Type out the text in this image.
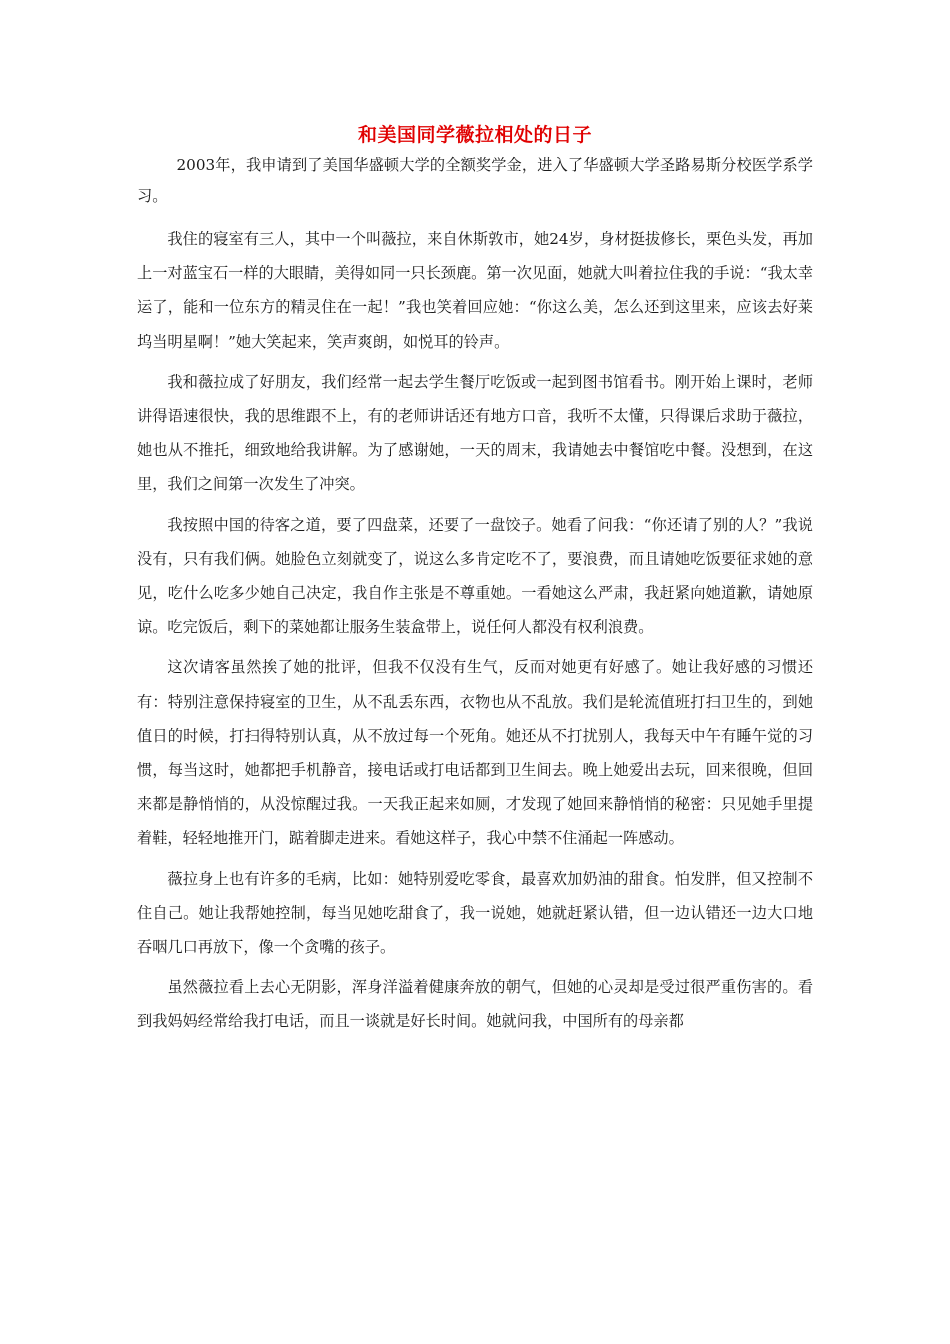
和美国同学薇拉相处的日子

2003年，我申请到了美国华盛顿大学的全额奖学金，进入了华盛顿大学圣路易斯分校医学系学习。

我住的寝室有三人，其中一个叫薇拉，来自休斯敦市，她24岁，身材挺拔修长，栗色头发，再加上一对蓝宝石一样的大眼睛，美得如同一只长颈鹿。第一次见面，她就大叫着拉住我的手说：“我太幸运了，能和一位东方的精灵住在一起！”我也笑着回应她：“你这么美，怎么还到这里来，应该去好莱坞当明星啊！”她大笑起来，笑声爽朗，如悦耳的铃声。

我和薇拉成了好朋友，我们经常一起去学生餐厅吃饭或一起到图书馆看书。刚开始上课时，老师讲得语速很快，我的思维跟不上，有的老师讲话还有地方口音，我听不太懂，只得课后求助于薇拉，她也从不推托，细致地给我讲解。为了感谢她，一天的周末，我请她去中餐馆吃中餐。没想到，在这里，我们之间第一次发生了冲突。

我按照中国的待客之道，要了四盘菜，还要了一盘饺子。她看了问我：“你还请了别的人？”我说没有，只有我们俩。她脸色立刻就变了，说这么多肯定吃不了，要浪费，而且请她吃饭要征求她的意见，吃什么吃多少她自己决定，我自作主张是不尊重她。一看她这么严肃，我赶紧向她道歉，请她原谅。吃完饭后，剩下的菜她都让服务生装盒带上，说任何人都没有权利浪费。

这次请客虽然挨了她的批评，但我不仅没有生气，反而对她更有好感了。她让我好感的习惯还有：特别注意保持寝室的卫生，从不乱丢东西，衣物也从不乱放。我们是轮流值班打扫卫生的，到她值日的时候，打扫得特别认真，从不放过每一个死角。她还从不打扰别人，我每天中午有睡午觉的习惯，每当这时，她都把手机静音，接电话或打电话都到卫生间去。晚上她爱出去玩，回来很晚，但回来都是静悄悄的，从没惊醒过我。一天我正起来如厕，才发现了她回来静悄悄的秘密：只见她手里提着鞋，轻轻地推开门，踮着脚走进来。看她这样子，我心中禁不住涌起一阵感动。

薇拉身上也有许多的毛病，比如：她特别爱吃零食，最喜欢加奶油的甜食。怕发胖，但又控制不住自己。她让我帮她控制，每当见她吃甜食了，我一说她，她就赶紧认错，但一边认错还一边大口地吞咽几口再放下，像一个贪嘴的孩子。

虽然薇拉看上去心无阴影，浑身洋溢着健康奔放的朝气，但她的心灵却是受过很严重伤害的。看到我妈妈经常给我打电话，而且一谈就是好长时间。她就问我，中国所有的母亲都
